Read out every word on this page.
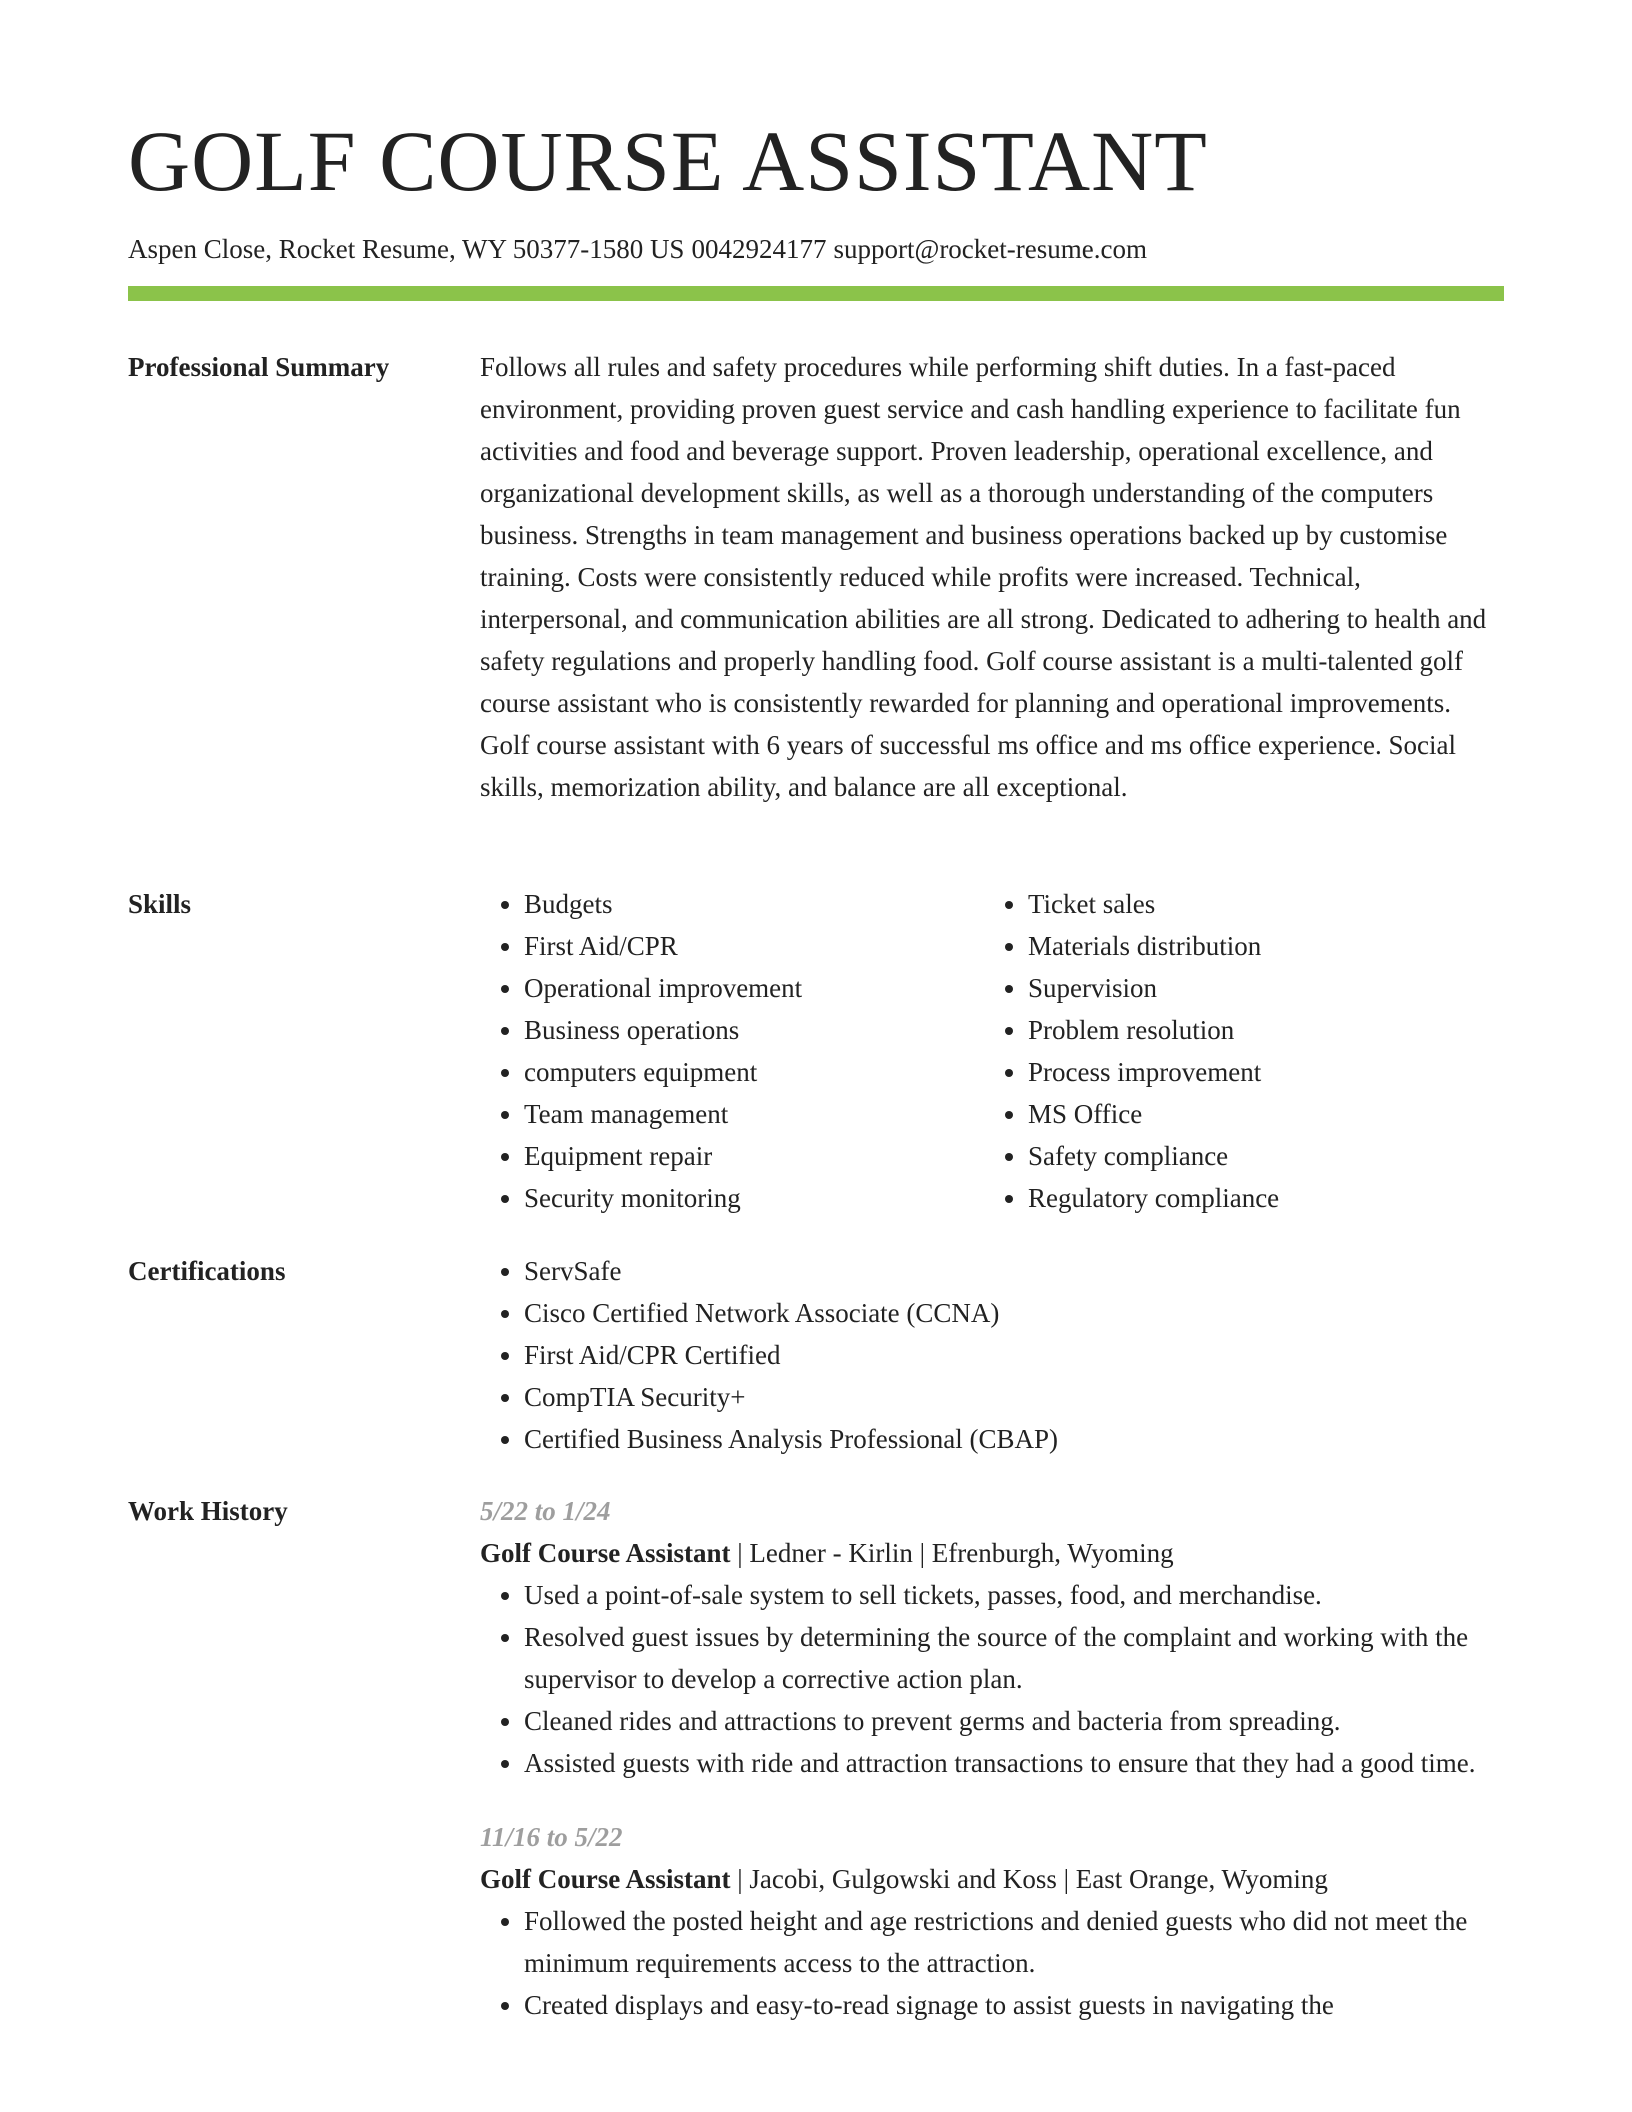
GOLF COURSE ASSISTANT
Aspen Close, Rocket Resume, WY 50377-1580 US 0042924177 support@rocket-resume.com
Professional Summary	Follows all rules and safety procedures while performing shift duties. In a fast-paced environment, providing proven guest service and cash handling experience to facilitate fun activities and food and beverage support. Proven leadership, operational excellence, and organizational development skills, as well as a thorough understanding of the computers business. Strengths in team management and business operations backed up by customise training. Costs were consistently reduced while profits were increased. Technical, interpersonal, and communication abilities are all strong. Dedicated to adhering to health and safety regulations and properly handling food. Golf course assistant is a multi-talented golf course assistant who is consistently rewarded for planning and operational improvements. Golf course assistant with 6 years of successful ms office and ms office experience. Social skills, memorization ability, and balance are all exceptional.

Skills	• Budgets
• First Aid/CPR
• Operational improvement
• Business operations
• computers equipment
• Team management
• Equipment repair
• Security monitoring
• Ticket sales
• Materials distribution
• Supervision
• Problem resolution
• Process improvement
• MS Office
• Safety compliance
• Regulatory compliance
Certifications	• ServSafe
• Cisco Certified Network Associate (CCNA)
• First Aid/CPR Certified
• CompTIA Security+
• Certified Business Analysis Professional (CBAP)
Work History	5/22 to 1/24
Golf Course Assistant | Ledner - Kirlin | Efrenburgh, Wyoming
• Used a point-of-sale system to sell tickets, passes, food, and merchandise.
• Resolved guest issues by determining the source of the complaint and working with the supervisor to develop a corrective action plan.
• Cleaned rides and attractions to prevent germs and bacteria from spreading.
• Assisted guests with ride and attraction transactions to ensure that they had a good time.
11/16 to 5/22
Golf Course Assistant | Jacobi, Gulgowski and Koss | East Orange, Wyoming
• Followed the posted height and age restrictions and denied guests who did not meet the minimum requirements access to the attraction.
• Created displays and easy-to-read signage to assist guests in navigating the
